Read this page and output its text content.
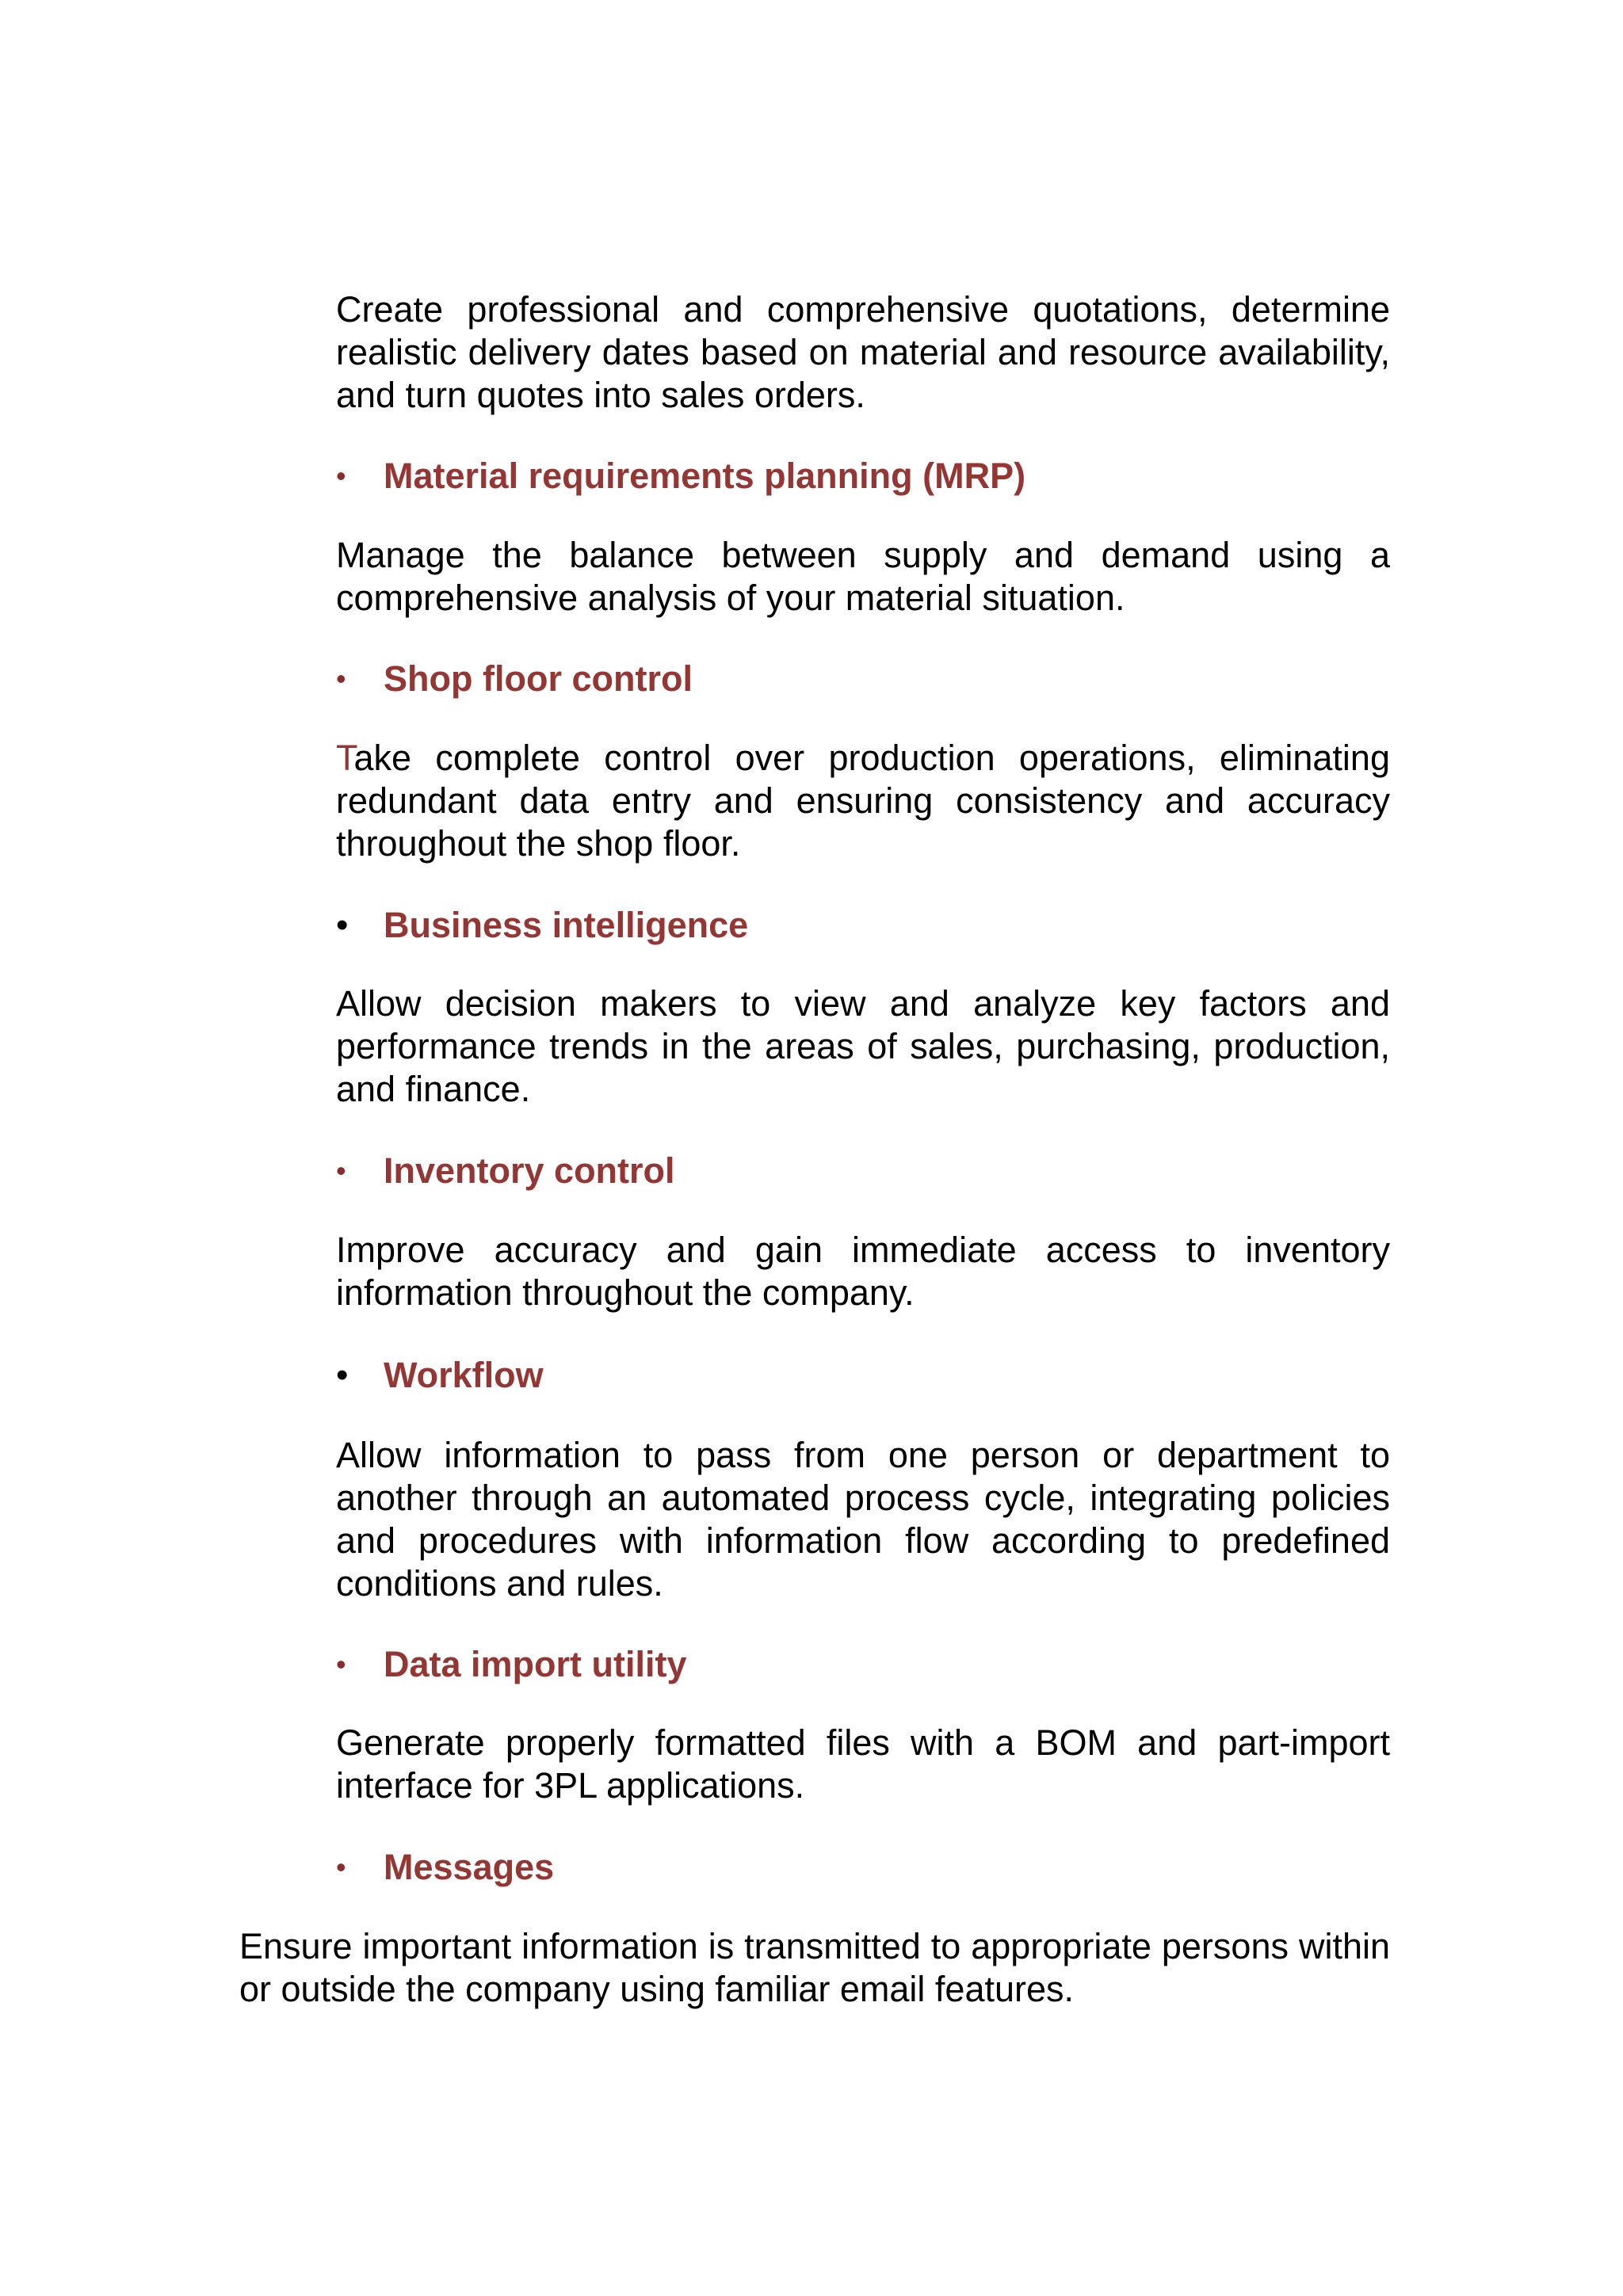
Create professional and comprehensive quotations, determine realistic delivery dates based on material and resource availability, and turn quotes into sales orders.

•	Material requirements planning (MRP)

Manage the balance between supply and demand using a comprehensive analysis of your material situation.

•	Shop floor control

Take complete control over production operations, eliminating redundant data entry and ensuring consistency and accuracy throughout the shop floor.

• Business intelligence

Allow decision makers to view and analyze key factors and performance trends in the areas of sales, purchasing, production, and finance.

•	Inventory control

Improve accuracy and gain immediate access to inventory information throughout the company.

• Workflow

Allow information to pass from one person or department to another through an automated process cycle, integrating policies and procedures with information flow according to predefined conditions and rules.

•	Data import utility

Generate properly formatted files with a BOM and part-import interface for 3PL applications.

•	Messages

Ensure important information is transmitted to appropriate persons within or outside the company using familiar email features.
